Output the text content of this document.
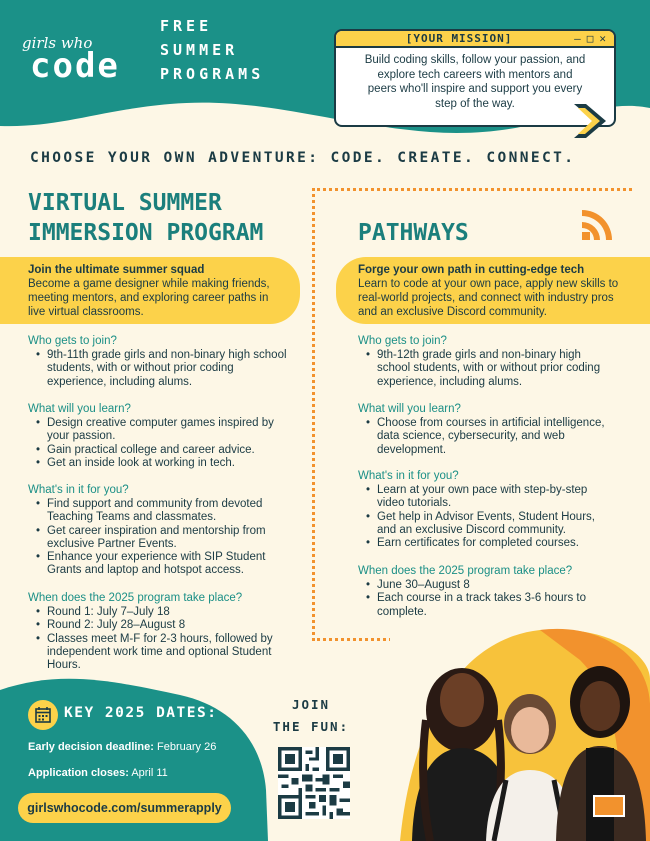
girls who
code
FREE
SUMMER
PROGRAMS
[YOUR MISSION]	— □ ✕
Build coding skills, follow your passion, and explore tech careers with mentors and peers who'll inspire and support you every step of the way.
CHOOSE YOUR OWN ADVENTURE: CODE. CREATE. CONNECT.
VIRTUAL SUMMER
IMMERSION PROGRAM
Join the ultimate summer squad
Become a game designer while making friends, meeting mentors, and exploring career paths in live virtual classrooms.
Who gets to join?
• 9th-11th grade girls and non-binary high school students, with or without prior coding experience, including alums.
What will you learn?
• Design creative computer games inspired by your passion.
• Gain practical college and career advice.
• Get an inside look at working in tech.
What's in it for you?
• Find support and community from devoted Teaching Teams and classmates.
• Get career inspiration and mentorship from exclusive Partner Events.
• Enhance your experience with SIP Student Grants and laptop and hotspot access.
When does the 2025 program take place?
• Round 1: July 7–July 18
• Round 2: July 28–August 8
• Classes meet M-F for 2-3 hours, followed by independent work time and optional Student Hours.
PATHWAYS
Forge your own path in cutting-edge tech
Learn to code at your own pace, apply new skills to real-world projects, and connect with industry pros and an exclusive Discord community.
Who gets to join?
• 9th-12th grade girls and non-binary high school students, with or without prior coding experience, including alums.
What will you learn?
• Choose from courses in artificial intelligence, data science, cybersecurity, and web development.
What's in it for you?
• Learn at your own pace with step-by-step video tutorials.
• Get help in Advisor Events, Student Hours, and an exclusive Discord community.
• Earn certificates for completed courses.
When does the 2025 program take place?
• June 30–August 8
• Each course in a track takes 3-6 hours to complete.
KEY 2025 DATES:
Early decision deadline: February 26
Application closes: April 11
girlswhocode.com/summerapply
JOIN
THE FUN:
